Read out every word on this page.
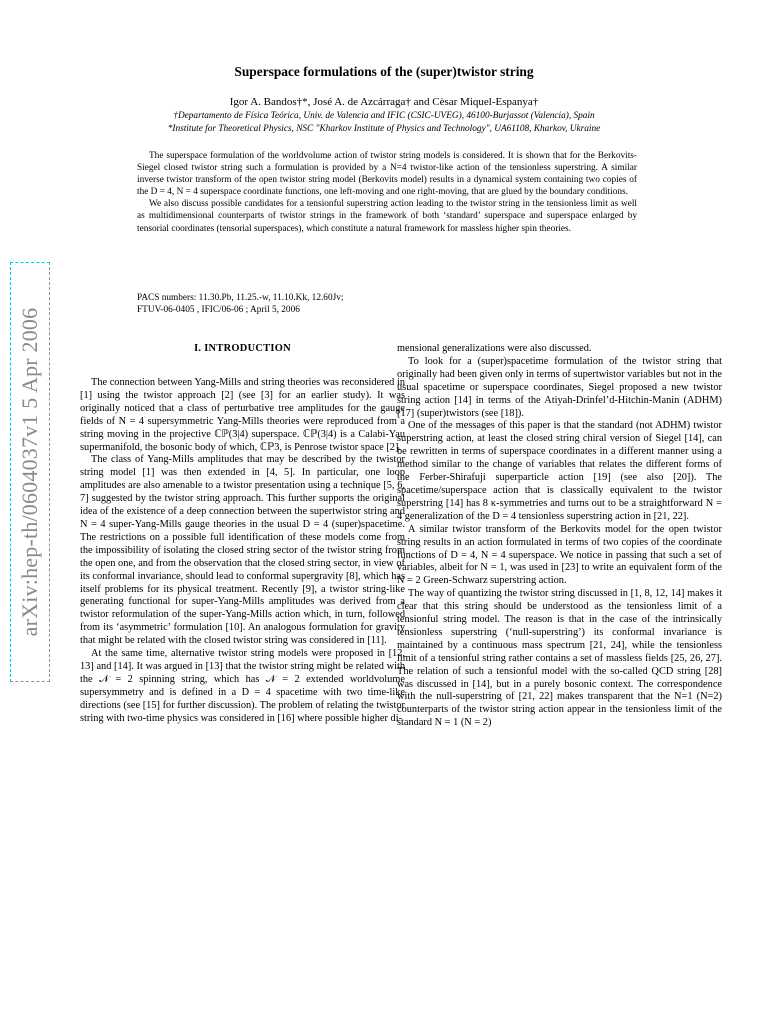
arXiv:hep-th/0604037v1 5 Apr 2006
Superspace formulations of the (super)twistor string
Igor A. Bandos†*, José A. de Azcárraga† and Cèsar Miquel-Espanya†
†Departamento de Física Teórica, Univ. de Valencia and IFIC (CSIC-UVEG), 46100-Burjassot (Valencia), Spain
*Institute for Theoretical Physics, NSC "Kharkov Institute of Physics and Technology", UA61108, Kharkov, Ukraine

The superspace formulation of the worldvolume action of twistor string models is considered. It is shown that for the Berkovits-Siegel closed twistor string such a formulation is provided by a N=4 twistor-like action of the tensionless superstring. A similar inverse twistor transform of the open twistor string model (Berkovits model) results in a dynamical system containing two copies of the D = 4, N = 4 superspace coordinate functions, one left-moving and one right-moving, that are glued by the boundary conditions.

We also discuss possible candidates for a tensionful superstring action leading to the twistor string in the tensionless limit as well as multidimensional counterparts of twistor strings in the framework of both ‘standard’ superspace and superspace enlarged by tensorial coordinates (tensorial superspaces), which constitute a natural framework for massless higher spin theories.

PACS numbers: 11.30.Pb, 11.25.-w, 11.10.Kk, 12.60Jv;
FTUV-06-0405 , IFIC/06-06 ; April 5, 2006
I. INTRODUCTION

The connection between Yang-Mills and string theories was reconsidered in [1] using the twistor approach [2] (see [3] for an earlier study). It was originally noticed that a class of perturbative tree amplitudes for the gauge fields of N = 4 supersymmetric Yang-Mills theories were reproduced from a string moving in the projective ℂℙ(3|4) superspace. ℂℙ(3|4) is a Calabi-Yau supermanifold, the bosonic body of which, ℂℙ3, is Penrose twistor space [2].

The class of Yang-Mills amplitudes that may be described by the twistor string model [1] was then extended in [4, 5]. In particular, one loop amplitudes are also amenable to a twistor presentation using a technique [5, 6, 7] suggested by the twistor string approach. This further supports the original idea of the existence of a deep connection between the supertwistor string and N = 4 super-Yang-Mills gauge theories in the usual D = 4 (super)spacetime. The restrictions on a possible full identification of these models come from the impossibility of isolating the closed string sector of the twistor string from the open one, and from the observation that the closed string sector, in view of its conformal invariance, should lead to conformal supergravity [8], which has itself problems for its physical treatment. Recently [9], a twistor string-like generating functional for super-Yang-Mills amplitudes was derived from a twistor reformulation of the super-Yang-Mills action which, in turn, followed from its ‘asymmetric’ formulation [10]. An analogous formulation for gravity that might be related with the closed twistor string was considered in [11].

At the same time, alternative twistor string models were proposed in [12, 13] and [14]. It was argued in [13] that the twistor string might be related with the 𝒩 = 2 spinning string, which has 𝒩 = 2 extended worldvolume supersymmetry and is defined in a D = 4 spacetime with two time-like directions (see [15] for further discussion). The problem of relating the twistor string with two-time physics was considered in [16] where possible higher di-

mensional generalizations were also discussed.

To look for a (super)spacetime formulation of the twistor string that originally had been given only in terms of supertwistor variables but not in the usual spacetime or superspace coordinates, Siegel proposed a new twistor string action [14] in terms of the Atiyah-Drinfel’d-Hitchin-Manin (ADHM) [17] (super)twistors (see [18]).

One of the messages of this paper is that the standard (not ADHM) twistor superstring action, at least the closed string chiral version of Siegel [14], can be rewritten in terms of superspace coordinates in a different manner using a method similar to the change of variables that relates the different forms of the Ferber-Shirafuji superparticle action [19] (see also [20]). The spacetime/superspace action that is classically equivalent to the twistor superstring [14] has 8 κ-symmetries and turns out to be a straightforward N = 4 generalization of the D = 4 tensionless superstring action in [21, 22].

A similar twistor transform of the Berkovits model for the open twistor string results in an action formulated in terms of two copies of the coordinate functions of D = 4, N = 4 superspace. We notice in passing that such a set of variables, albeit for N = 1, was used in [23] to write an equivalent form of the N = 2 Green-Schwarz superstring action.

The way of quantizing the twistor string discussed in [1, 8, 12, 14] makes it clear that this string should be understood as the tensionless limit of a tensionful string model. The reason is that in the case of the intrinsically tensionless superstring (‘null-superstring’) its conformal invariance is maintained by a continuous mass spectrum [21, 24], while the tensionless limit of a tensionful string rather contains a set of massless fields [25, 26, 27]. The relation of such a tensionful model with the so-called QCD string [28] was discussed in [14], but in a purely bosonic context. The correspondence with the null-superstring of [21, 22] makes transparent that the N=1 (N=2) counterparts of the twistor string action appear in the tensionless limit of the standard N = 1 (N = 2)
